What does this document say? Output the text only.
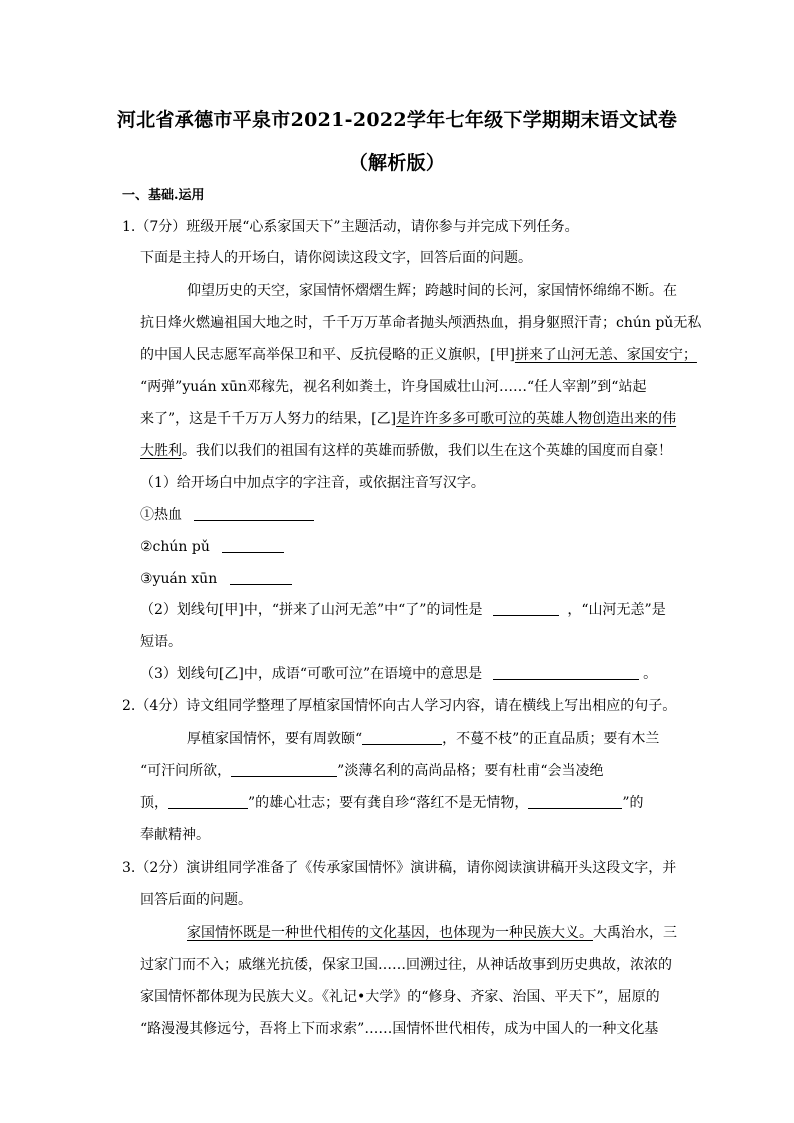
河北省承德市平泉市2021-2022学年七年级下学期期末语文试卷
（解析版）
一、基础.运用
1.（7分）班级开展“心系家国天下”主题活动，请你参与并完成下列任务。
下面是主持人的开场白，请你阅读这段文字，回答后面的问题。
仰望历史的天空，家国情怀熠熠生辉；跨越时间的长河，家国情怀绵绵不断。在
抗日烽火燃遍祖国大地之时，千千万万革命者抛头颅洒热血，捐身躯照汗青；chún pǔ无私
的中国人民志愿军高举保卫和平、反抗侵略的正义旗帜，[甲]拼来了山河无恙、家国安宁；
“两弹”yuán xūn邓稼先，视名利如粪土，许身国威壮山河……“任人宰割”到“站起
来了”，这是千千万万人努力的结果，[乙]是许许多多可歌可泣的英雄人物创造出来的伟
大胜利。我们以我们的祖国有这样的英雄而骄傲，我们以生在这个英雄的国度而自豪！
（1）给开场白中加点字的字注音，或依据注音写汉字。
①热血
②chún pǔ
③yuán xūn
（2）划线句[甲]中，“拼来了山河无恙”中“了”的词性是	，“山河无恙”是
短语。
（3）划线句[乙]中，成语“可歌可泣”在语境中的意思是	。
2.（4分）诗文组同学整理了厚植家国情怀向古人学习内容，请在横线上写出相应的句子。
厚植家国情怀，要有周敦颐“	，不蔓不枝”的正直品质；要有木兰
“可汗问所欲，	”淡薄名利的高尚品格；要有杜甫“会当凌绝
顶，	”的雄心壮志；要有龚自珍“落红不是无情物，	”的
奉献精神。
3.（2分）演讲组同学准备了《传承家国情怀》演讲稿，请你阅读演讲稿开头这段文字，并
回答后面的问题。
家国情怀既是一种世代相传的文化基因，也体现为一种民族大义。大禹治水，三
过家门而不入；戚继光抗倭，保家卫国……回溯过往，从神话故事到历史典故，浓浓的
家国情怀都体现为民族大义。《礼记•大学》的“修身、齐家、治国、平天下”，屈原的
“路漫漫其修远兮，吾将上下而求索”……国情怀世代相传，成为中国人的一种文化基
